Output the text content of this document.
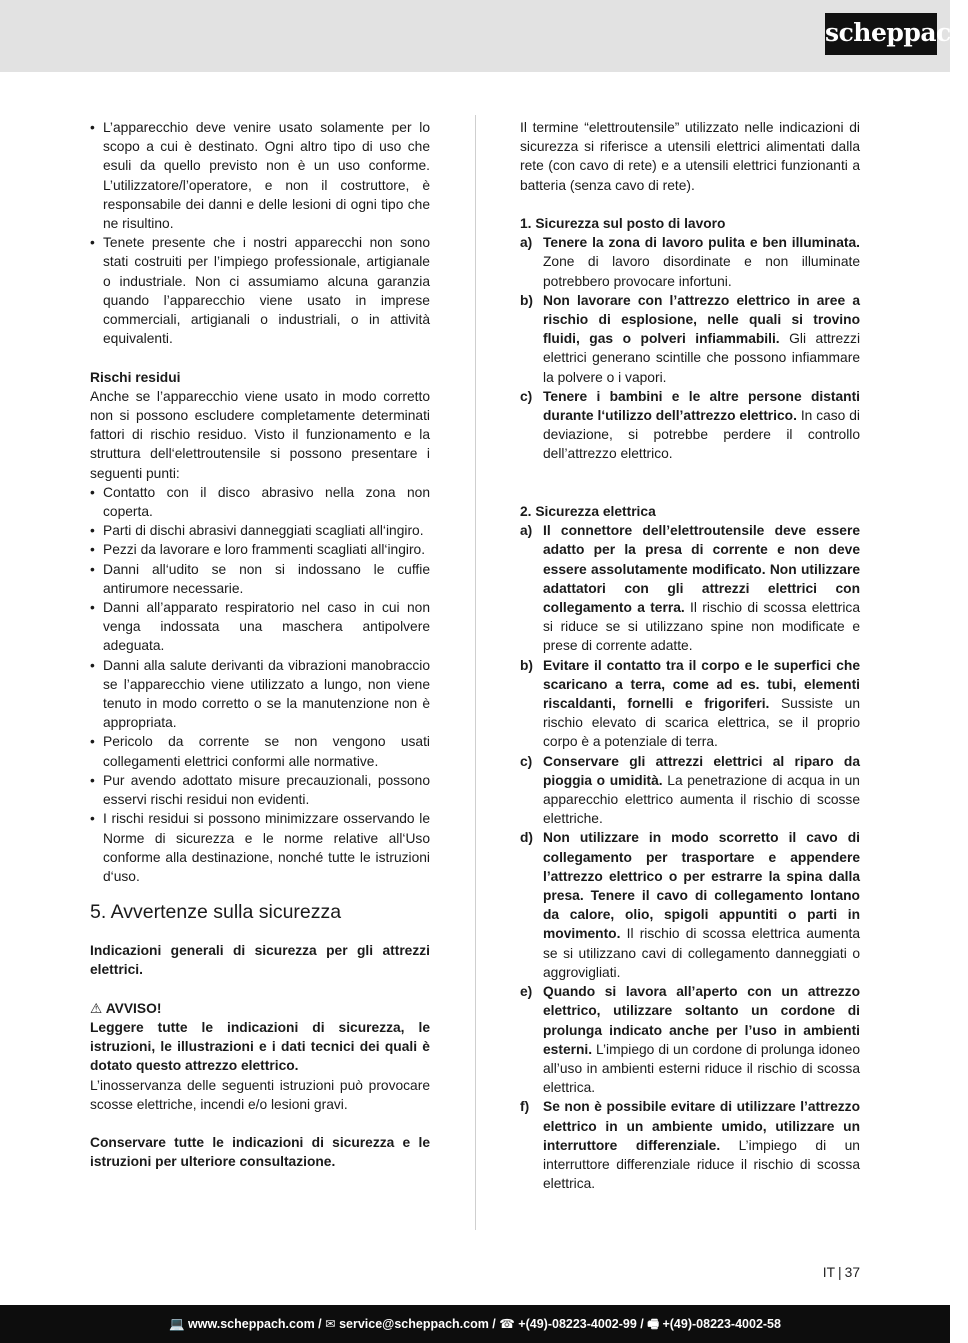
scheppach
• L’apparecchio deve venire usato solamente per lo scopo a cui è destinato. Ogni altro tipo di uso che esuli da quello previsto non è un uso conforme. L’utilizzatore/l’operatore, e non il costruttore, è responsabile dei danni e delle lesioni di ogni tipo che ne risultino.
• Tenete presente che i nostri apparecchi non sono stati costruiti per l’impiego professionale, artigianale o industriale. Non ci assumiamo alcuna garanzia quando l’apparecchio viene usato in imprese commerciali, artigianali o industriali, o in attività equivalenti.

Rischi residui

Anche se l’apparecchio viene usato in modo corretto non si possono escludere completamente determinati fattori di rischio residuo. Visto il funzionamento e la struttura dell‘elettroutensile si possono presentare i seguenti punti:

• Contatto con il disco abrasivo nella zona non coperta.
• Parti di dischi abrasivi danneggiati scagliati all‘ingiro.
• Pezzi da lavorare e loro frammenti scagliati all‘ingiro.
• Danni all‘udito se non si indossano le cuffie antirumore necessarie.
• Danni all’apparato respiratorio nel caso in cui non venga indossata una maschera antipolvere adeguata.
• Danni alla salute derivanti da vibrazioni manobraccio se l’apparecchio viene utilizzato a lungo, non viene tenuto in modo corretto o se la manutenzione non è appropriata.
• Pericolo da corrente se non vengono usati collegamenti elettrici conformi alle normative.
• Pur avendo adottato misure precauzionali, possono esservi rischi residui non evidenti.
• I rischi residui si possono minimizzare osservando le Norme di sicurezza e le norme relative all‘Uso conforme alla destinazione, nonché tutte le istruzioni d‘uso.
5. Avvertenze sulla sicurezza

Indicazioni generali di sicurezza per gli attrezzi elettrici.

⚠ AVVISO!

Leggere tutte le indicazioni di sicurezza, le istruzioni, le illustrazioni e i dati tecnici dei quali è dotato questo attrezzo elettrico.

L’inosservanza delle seguenti istruzioni può provocare scosse elettriche, incendi e/o lesioni gravi.

Conservare tutte le indicazioni di sicurezza e le istruzioni per ulteriore consultazione.

Il termine “elettroutensile” utilizzato nelle indicazioni di sicurezza si riferisce a utensili elettrici alimentati dalla rete (con cavo di rete) e a utensili elettrici funzionanti a batteria (senza cavo di rete).

1. Sicurezza sul posto di lavoro

a) Tenere la zona di lavoro pulita e ben illuminata. Zone di lavoro disordinate e non illuminate potrebbero provocare infortuni.
b) Non lavorare con l’attrezzo elettrico in aree a rischio di esplosione, nelle quali si trovino fluidi, gas o polveri infiammabili. Gli attrezzi elettrici generano scintille che possono infiammare la polvere o i vapori.
c) Tenere i bambini e le altre persone distanti durante l‘utilizzo dell’attrezzo elettrico. In caso di deviazione, si potrebbe perdere il controllo dell’attrezzo elettrico.

2. Sicurezza elettrica

a) Il connettore dell’elettroutensile deve essere adatto per la presa di corrente e non deve essere assolutamente modificato. Non utilizzare adattatori con gli attrezzi elettrici con collegamento a terra. Il rischio di scossa elettrica si riduce se si utilizzano spine non modificate e prese di corrente adatte.
b) Evitare il contatto tra il corpo e le superfici che scaricano a terra, come ad es. tubi, elementi riscaldanti, fornelli e frigoriferi. Sussiste un rischio elevato di scarica elettrica, se il proprio corpo è a potenziale di terra.
c) Conservare gli attrezzi elettrici al riparo da pioggia o umidità. La penetrazione di acqua in un apparecchio elettrico aumenta il rischio di scosse elettriche.
d) Non utilizzare in modo scorretto il cavo di collegamento per trasportare e appendere l’attrezzo elettrico o per estrarre la spina dalla presa. Tenere il cavo di collegamento lontano da calore, olio, spigoli appuntiti o parti in movimento. Il rischio di scossa elettrica aumenta se si utilizzano cavi di collegamento danneggiati o aggrovigliati.
e) Quando si lavora all’aperto con un attrezzo elettrico, utilizzare soltanto un cordone di prolunga indicato anche per l’uso in ambienti esterni. L’impiego di un cordone di prolunga idoneo all’uso in ambienti esterni riduce il rischio di scossa elettrica.
f) Se non è possibile evitare di utilizzare l’attrezzo elettrico in un ambiente umido, utilizzare un interruttore differenziale. L’impiego di un interruttore differenziale riduce il rischio di scossa elettrica.
IT | 37
💻 www.scheppach.com / ✉ service@scheppach.com / ☎ +(49)-08223-4002-99 / 🖷 +(49)-08223-4002-58
